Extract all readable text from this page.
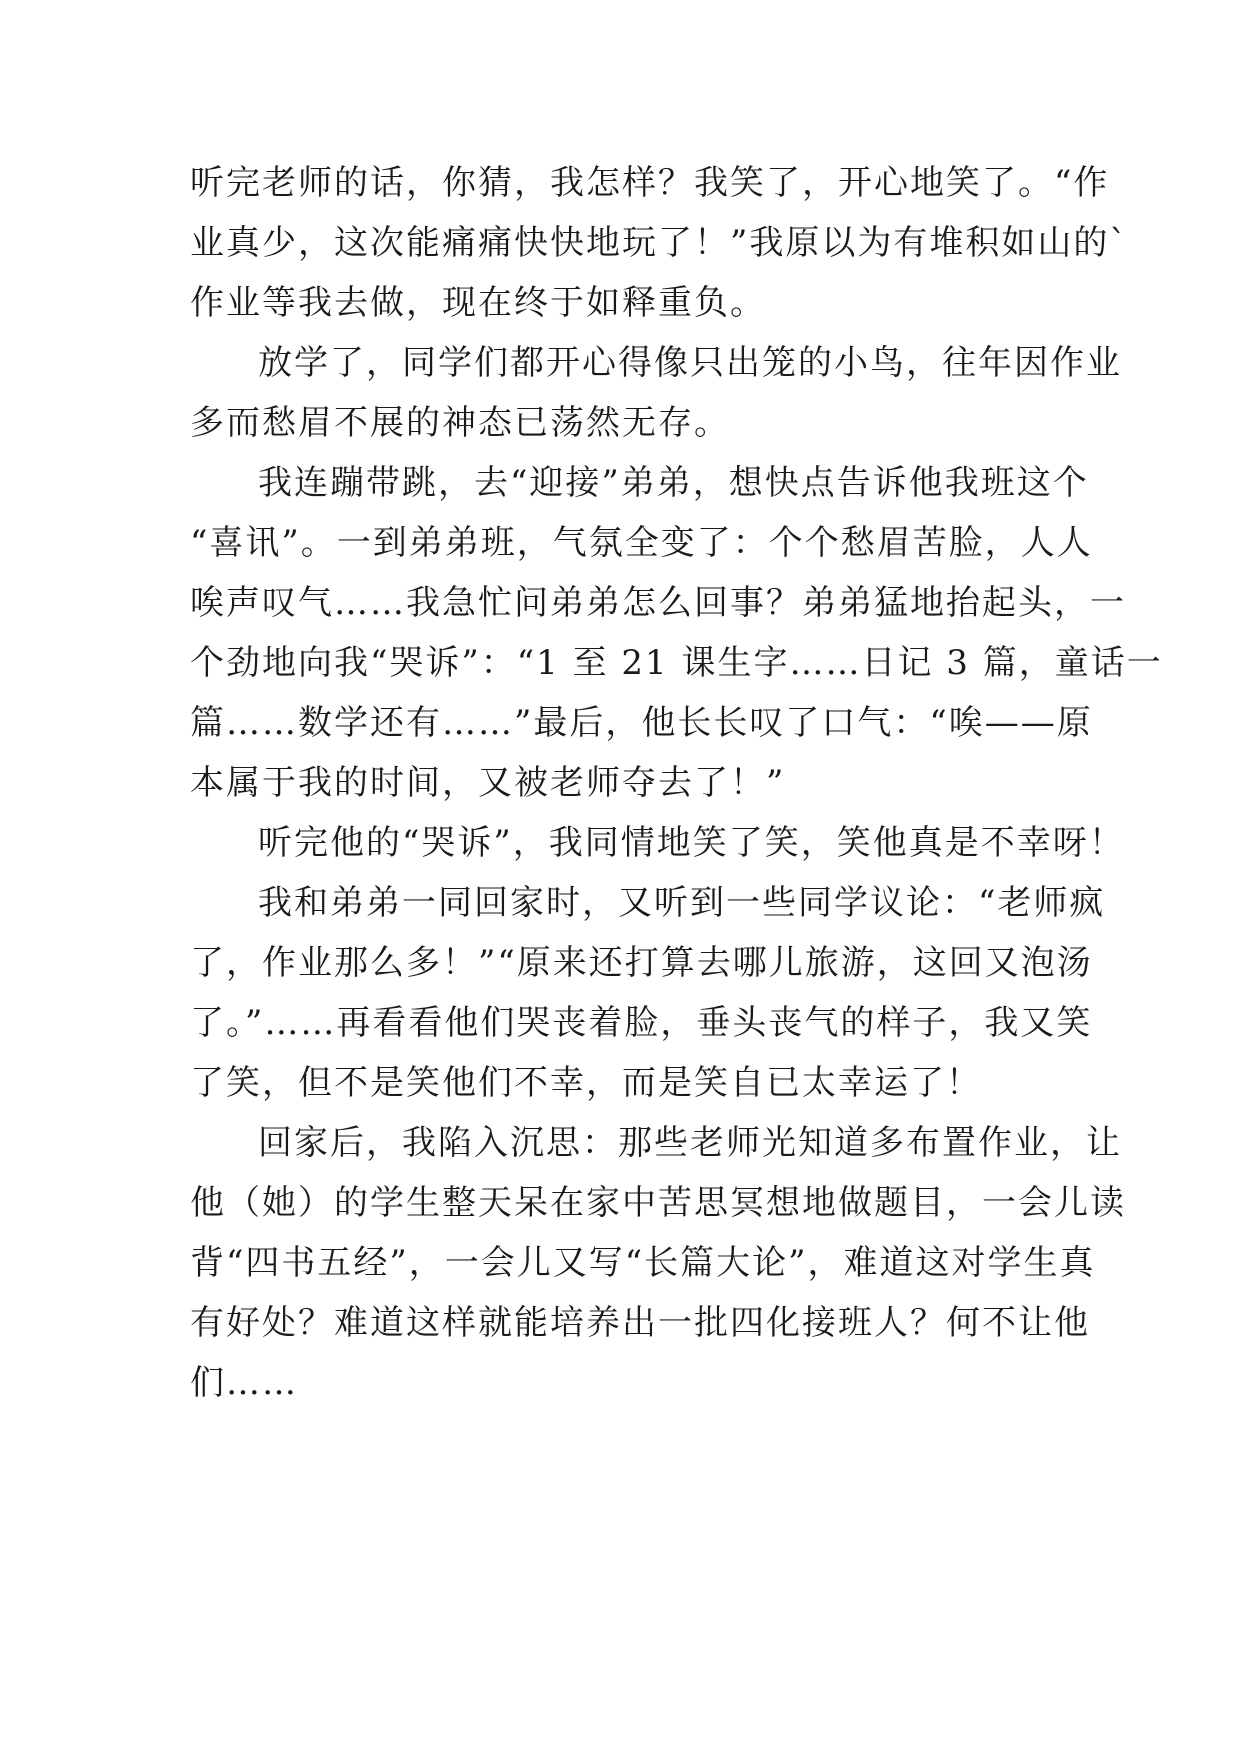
听完老师的话，你猜，我怎样？我笑了，开心地笑了。“作
业真少，这次能痛痛快快地玩了！”我原以为有堆积如山的`
作业等我去做，现在终于如释重负。
放学了，同学们都开心得像只出笼的小鸟，往年因作业
多而愁眉不展的神态已荡然无存。
我连蹦带跳，去“迎接”弟弟，想快点告诉他我班这个
“喜讯”。一到弟弟班，气氛全变了：个个愁眉苦脸，人人
唉声叹气……我急忙问弟弟怎么回事？弟弟猛地抬起头，一
个劲地向我“哭诉”：“1 至 21 课生字……日记 3 篇，童话一
篇……数学还有……”最后，他长长叹了口气：“唉——原
本属于我的时间，又被老师夺去了！”
听完他的“哭诉”，我同情地笑了笑，笑他真是不幸呀！
我和弟弟一同回家时，又听到一些同学议论：“老师疯
了，作业那么多！”“原来还打算去哪儿旅游，这回又泡汤
了。”……再看看他们哭丧着脸，垂头丧气的样子，我又笑
了笑，但不是笑他们不幸，而是笑自已太幸运了！
回家后，我陷入沉思：那些老师光知道多布置作业，让
他（她）的学生整天呆在家中苦思冥想地做题目，一会儿读
背“四书五经”，一会儿又写“长篇大论”，难道这对学生真
有好处？难道这样就能培养出一批四化接班人？何不让他
们……
